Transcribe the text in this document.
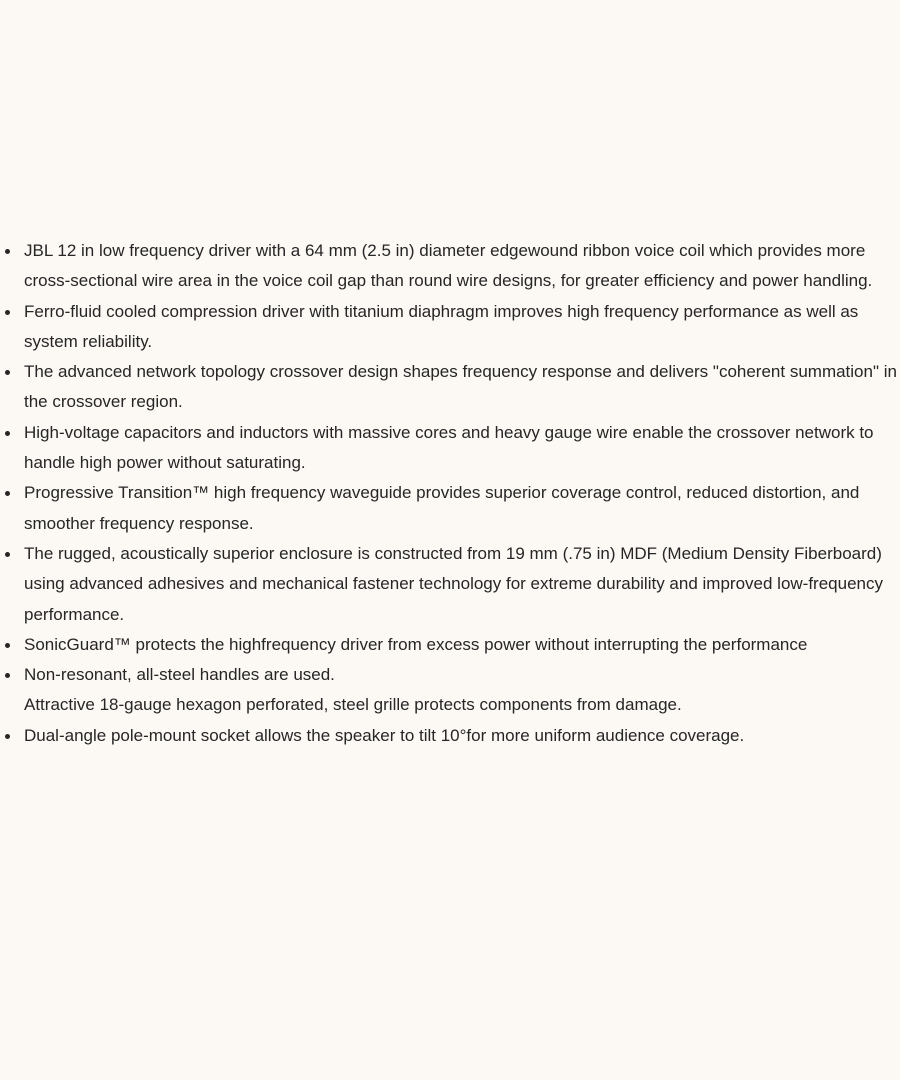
JBL 12 in low frequency driver with a 64 mm (2.5 in) diameter edgewound ribbon voice coil which provides more cross-sectional wire area in the voice coil gap than round wire designs, for greater efficiency and power handling.
Ferro-fluid cooled compression driver with titanium diaphragm improves high frequency performance as well as system reliability.
The advanced network topology crossover design shapes frequency response and delivers "coherent summation" in the crossover region.
High-voltage capacitors and inductors with massive cores and heavy gauge wire enable the crossover network to handle high power without saturating.
Progressive Transition™ high frequency waveguide provides superior coverage control, reduced distortion, and smoother frequency response.
The rugged, acoustically superior enclosure is constructed from 19 mm (.75 in) MDF (Medium Density Fiberboard) using advanced adhesives and mechanical fastener technology for extreme durability and improved low-frequency performance.
SonicGuard™ protects the highfrequency driver from excess power without interrupting the performance
Non-resonant, all-steel handles are used.
Attractive 18-gauge hexagon perforated, steel grille protects components from damage.
Dual-angle pole-mount socket allows the speaker to tilt 10°for more uniform audience coverage.
